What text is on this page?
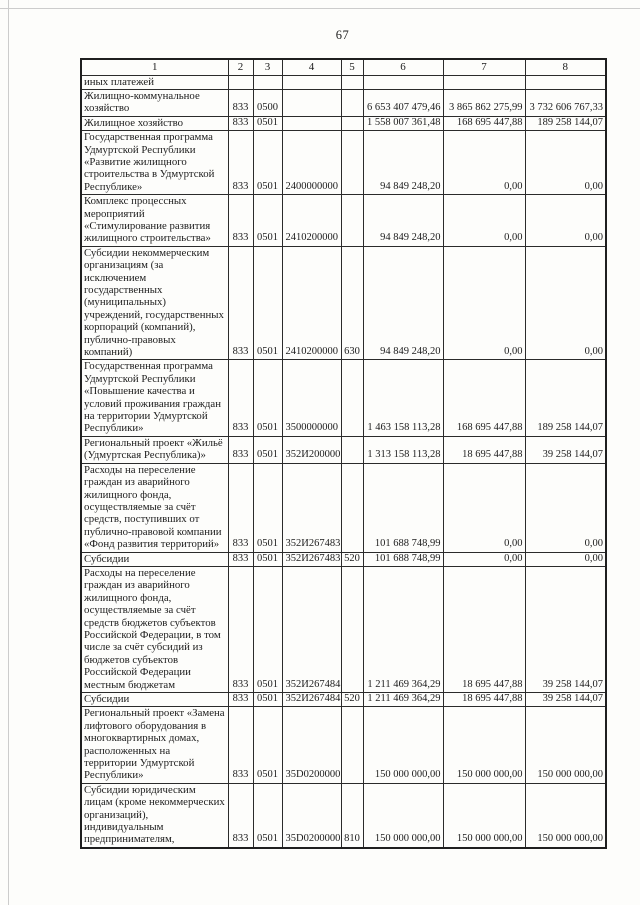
67
1	2	3	4	5	6	7	8
иных платежей							
Жилищно-коммунальное хозяйство	833	0500			6 653 407 479,46	3 865 862 275,99	3 732 606 767,33
Жилищное хозяйство	833	0501			1 558 007 361,48	168 695 447,88	189 258 144,07
Государственная программа Удмуртской Республики «Развитие жилищного строительства в Удмуртской Республике»	833	0501	2400000000		94 849 248,20	0,00	0,00
Комплекс процессных мероприятий «Стимулирование развития жилищного строительства»	833	0501	2410200000		94 849 248,20	0,00	0,00
Субсидии некоммерческим организациям (за исключением государственных (муниципальных) учреждений, государственных корпораций (компаний), публично-правовых компаний)	833	0501	2410200000	630	94 849 248,20	0,00	0,00
Государственная программа Удмуртской Республики «Повышение качества и условий проживания граждан на территории Удмуртской Республики»	833	0501	3500000000		1 463 158 113,28	168 695 447,88	189 258 144,07
Региональный проект «Жильё (Удмуртская Республика)»	833	0501	352И200000		1 313 158 113,28	18 695 447,88	39 258 144,07
Расходы на переселение граждан из аварийного жилищного фонда, осуществляемые за счёт средств, поступивших от публично-правовой компании «Фонд развития территорий»	833	0501	352И267483		101 688 748,99	0,00	0,00
Субсидии	833	0501	352И267483	520	101 688 748,99	0,00	0,00
Расходы на переселение граждан из аварийного жилищного фонда, осуществляемые за счёт средств бюджетов субъектов Российской Федерации, в том числе за счёт субсидий из бюджетов субъектов Российской Федерации местным бюджетам	833	0501	352И267484		1 211 469 364,29	18 695 447,88	39 258 144,07
Субсидии	833	0501	352И267484	520	1 211 469 364,29	18 695 447,88	39 258 144,07
Региональный проект «Замена лифтового оборудования в многоквартирных домах, расположенных на территории Удмуртской Республики»	833	0501	35D0200000		150 000 000,00	150 000 000,00	150 000 000,00
Субсидии юридическим лицам (кроме некоммерческих организаций), индивидуальным предпринимателям,	833	0501	35D0200000	810	150 000 000,00	150 000 000,00	150 000 000,00
